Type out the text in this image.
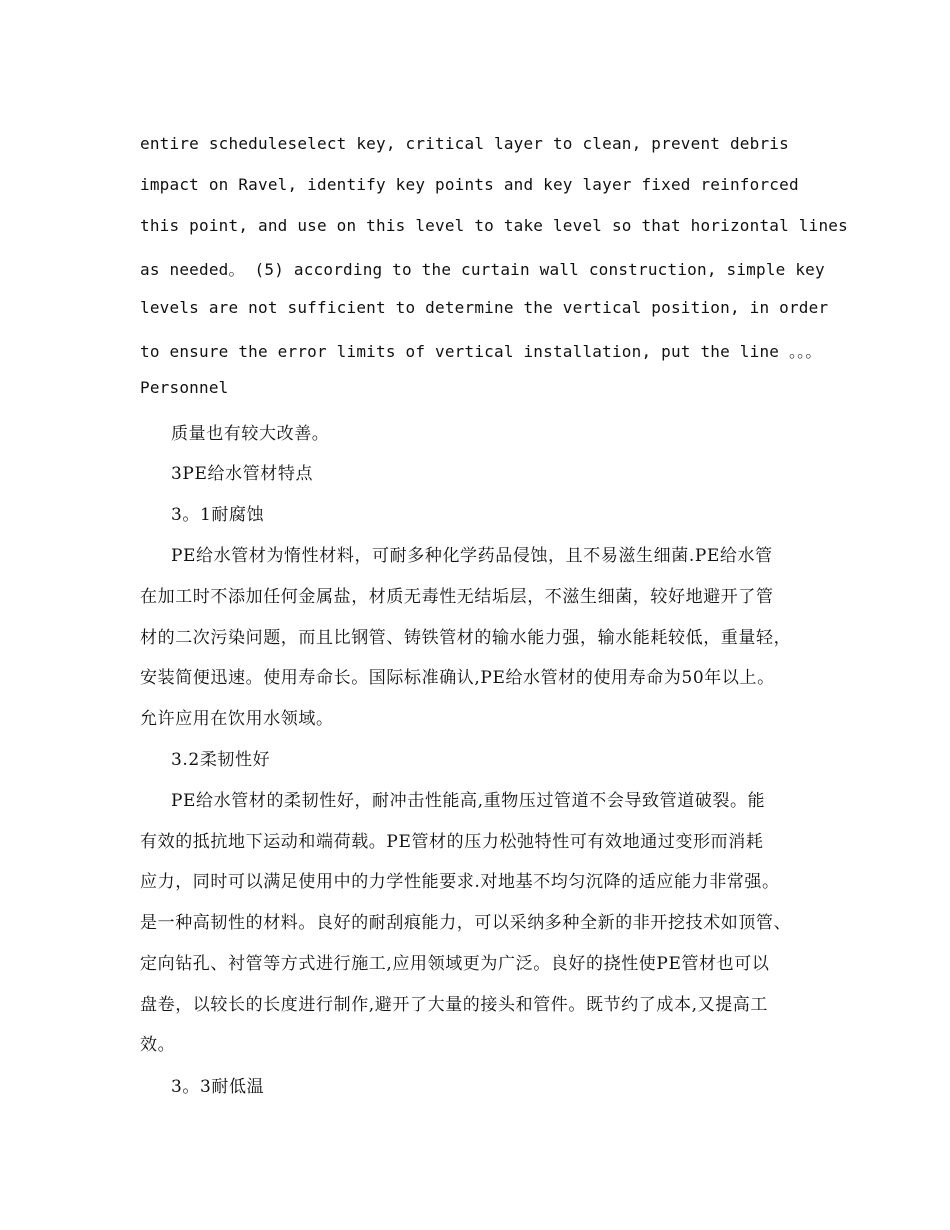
entire scheduleselect key, critical layer to clean, prevent debris
impact on Ravel, identify key points and key layer fixed reinforced
this point, and use on this level to take level so that horizontal lines
as needed。 (5) according to the curtain wall construction, simple key
levels are not sufficient to determine the vertical position, in order
to ensure the error limits of vertical installation, put the line 。。。
Personnel
质量也有较大改善。
3PE给水管材特点
3。1耐腐蚀
PE给水管材为惰性材料，可耐多种化学药品侵蚀，且不易滋生细菌.PE给水管
在加工时不添加任何金属盐，材质无毒性无结垢层，不滋生细菌，较好地避开了管
材的二次污染问题，而且比钢管、铸铁管材的输水能力强，输水能耗较低，重量轻，
安装简便迅速。使用寿命长。国际标准确认,PE给水管材的使用寿命为50年以上。
允许应用在饮用水领域。
3.2柔韧性好
PE给水管材的柔韧性好，耐冲击性能高,重物压过管道不会导致管道破裂。能
有效的抵抗地下运动和端荷载。PE管材的压力松弛特性可有效地通过变形而消耗
应力，同时可以满足使用中的力学性能要求.对地基不均匀沉降的适应能力非常强。
是一种高韧性的材料。良好的耐刮痕能力，可以采纳多种全新的非开挖技术如顶管、
定向钻孔、衬管等方式进行施工,应用领域更为广泛。良好的挠性使PE管材也可以
盘卷，以较长的长度进行制作,避开了大量的接头和管件。既节约了成本,又提高工
效。
3。3耐低温
